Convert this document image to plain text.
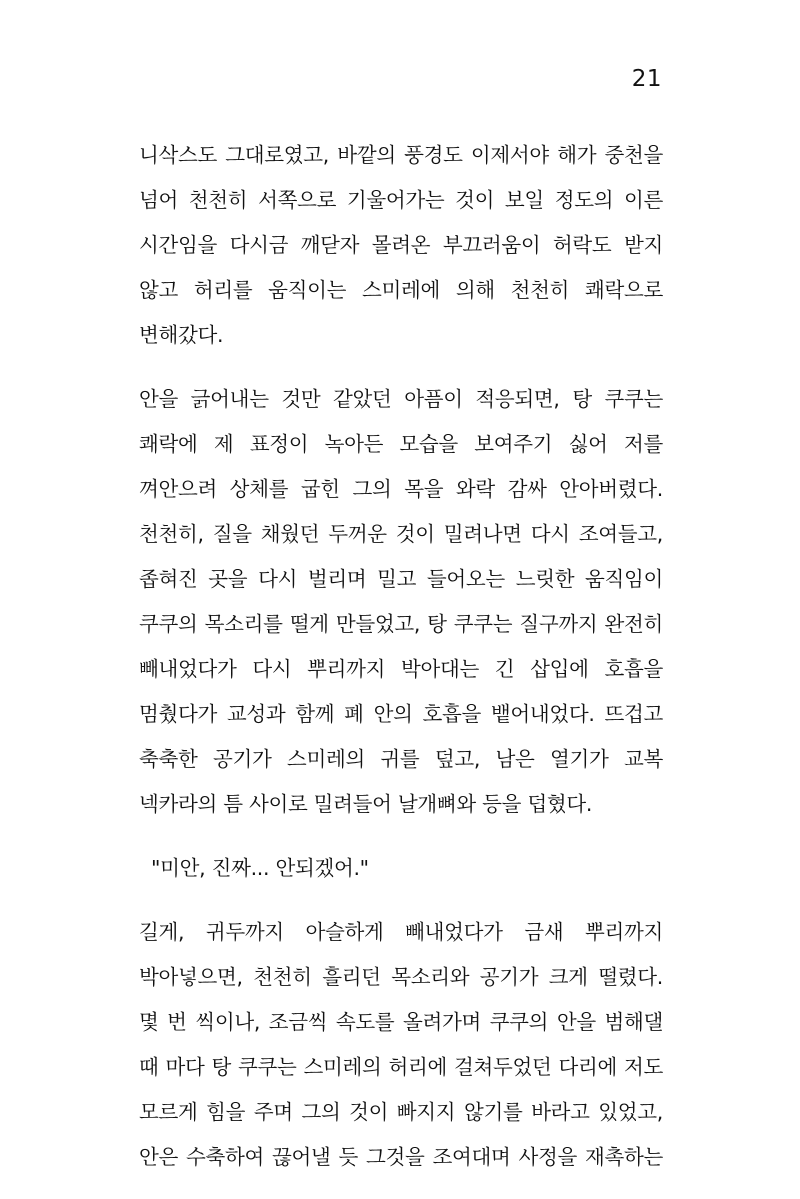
21
니삭스도 그대로였고, 바깥의 풍경도 이제서야 해가 중천을
넘어 천천히 서쪽으로 기울어가는 것이 보일 정도의 이른
시간임을 다시금 깨닫자 몰려온 부끄러움이 허락도 받지
않고 허리를 움직이는 스미레에 의해 천천히 쾌락으로
변해갔다.
안을 긁어내는 것만 같았던 아픔이 적응되면, 탕 쿠쿠는
쾌락에 제 표정이 녹아든 모습을 보여주기 싫어 저를
껴안으려 상체를 굽힌 그의 목을 와락 감싸 안아버렸다.
천천히, 질을 채웠던 두꺼운 것이 밀려나면 다시 조여들고,
좁혀진 곳을 다시 벌리며 밀고 들어오는 느릿한 움직임이
쿠쿠의 목소리를 떨게 만들었고, 탕 쿠쿠는 질구까지 완전히
빼내었다가 다시 뿌리까지 박아대는 긴 삽입에 호흡을
멈췄다가 교성과 함께 폐 안의 호흡을 뱉어내었다. 뜨겁고
축축한 공기가 스미레의 귀를 덮고, 남은 열기가 교복
넥카라의 틈 사이로 밀려들어 날개뼈와 등을 덥혔다.
"미안, 진짜... 안되겠어."
길게, 귀두까지 아슬하게 빼내었다가 금새 뿌리까지
박아넣으면, 천천히 흘리던 목소리와 공기가 크게 떨렸다.
몇 번 씩이나, 조금씩 속도를 올려가며 쿠쿠의 안을 범해댈
때 마다 탕 쿠쿠는 스미레의 허리에 걸쳐두었던 다리에 저도
모르게 힘을 주며 그의 것이 빠지지 않기를 바라고 있었고,
안은 수축하여 끊어낼 듯 그것을 조여대며 사정을 재촉하는
